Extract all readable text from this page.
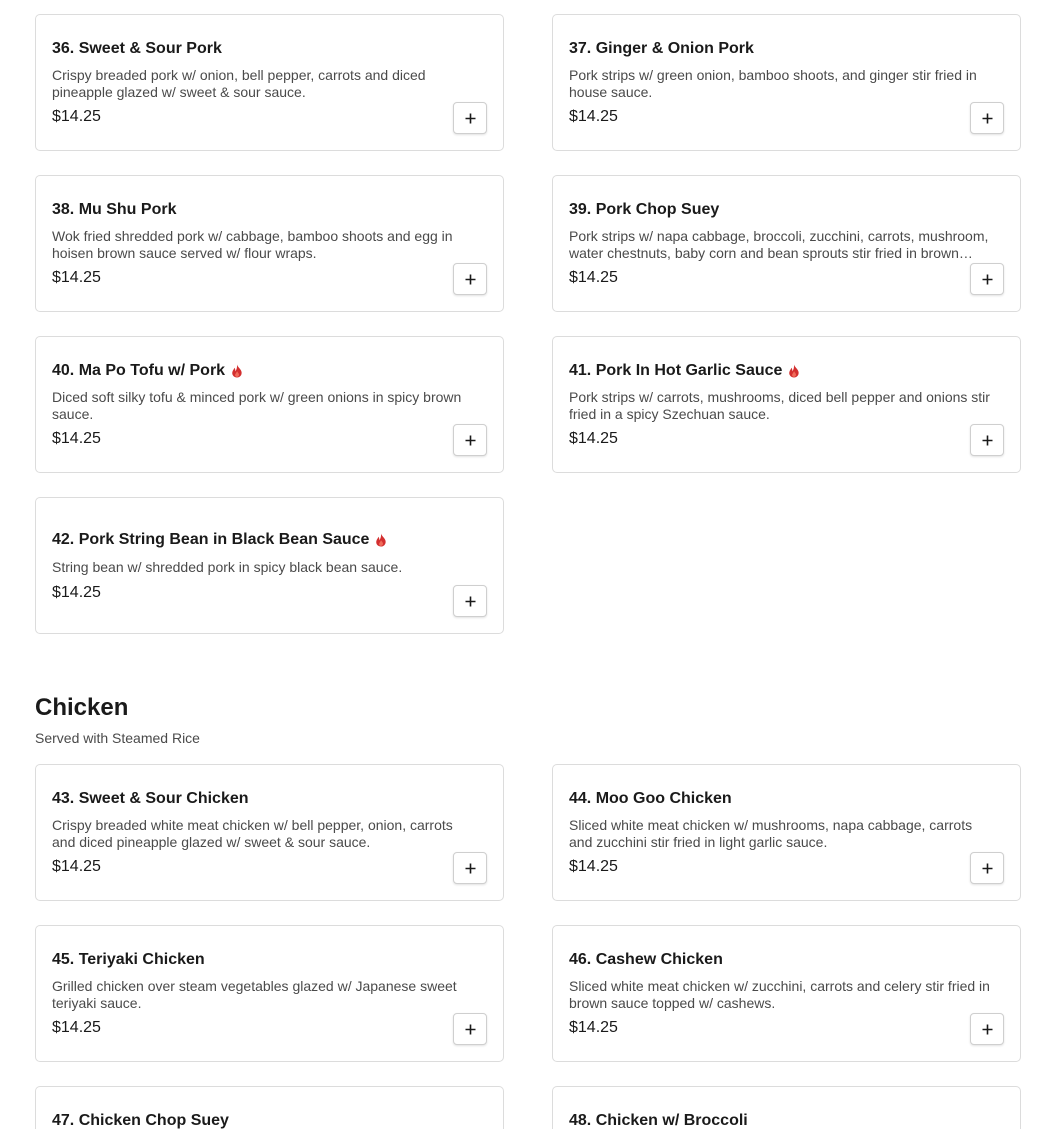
36. Sweet & Sour Pork
Crispy breaded pork w/ onion, bell pepper, carrots and diced pineapple glazed w/ sweet & sour sauce.
$14.25
37. Ginger & Onion Pork
Pork strips w/ green onion, bamboo shoots, and ginger stir fried in house sauce.
$14.25
38. Mu Shu Pork
Wok fried shredded pork w/ cabbage, bamboo shoots and egg in hoisen brown sauce served w/ flour wraps.
$14.25
39. Pork Chop Suey
Pork strips w/ napa cabbage, broccoli, zucchini, carrots, mushroom, water chestnuts, baby corn and bean sprouts stir fried in brown
$14.25
40. Ma Po Tofu w/ Pork
Diced soft silky tofu & minced pork w/ green onions in spicy brown sauce.
$14.25
41. Pork In Hot Garlic Sauce
Pork strips w/ carrots, mushrooms, diced bell pepper and onions stir fried in a spicy Szechuan sauce.
$14.25
42. Pork String Bean in Black Bean Sauce
String bean w/ shredded pork in spicy black bean sauce.
$14.25
Chicken
Served with Steamed Rice
43. Sweet & Sour Chicken
Crispy breaded white meat chicken w/ bell pepper, onion, carrots and diced pineapple glazed w/ sweet & sour sauce.
$14.25
44. Moo Goo Chicken
Sliced white meat chicken w/ mushrooms, napa cabbage, carrots and zucchini stir fried in light garlic sauce.
$14.25
45. Teriyaki Chicken
Grilled chicken over steam vegetables glazed w/ Japanese sweet teriyaki sauce.
$14.25
46. Cashew Chicken
Sliced white meat chicken w/ zucchini, carrots and celery stir fried in brown sauce topped w/ cashews.
$14.25
47. Chicken Chop Suey	48. Chicken w/ Broccoli
